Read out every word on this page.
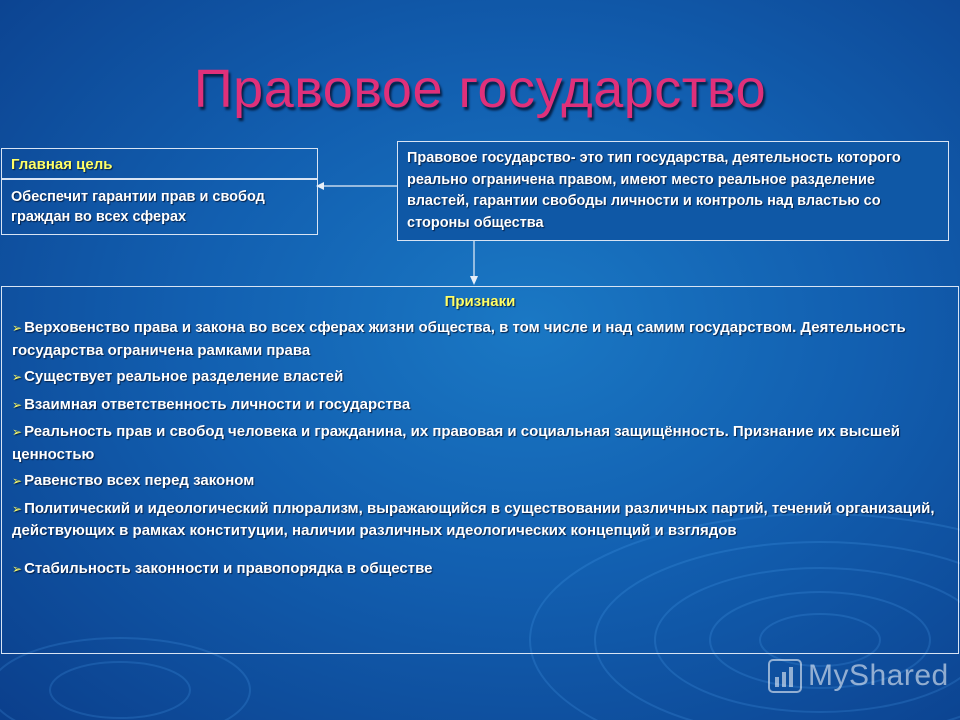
Правовое государство
Главная цель
Обеспечит гарантии прав и свобод граждан во всех сферах
Правовое государство- это тип государства, деятельность которого реально ограничена правом, имеют место реальное разделение властей, гарантии свободы личности и контроль над властью со стороны общества
Признаки
➢ Верховенство права и закона во всех сферах жизни общества, в том числе и над самим государством. Деятельность государства ограничена рамками права
➢ Существует реальное разделение властей
➢ Взаимная ответственность личности и государства
➢ Реальность прав и свобод человека и гражданина, их правовая и социальная защищённость. Признание их высшей ценностью
➢ Равенство всех перед законом
➢ Политический и идеологический плюрализм, выражающийся в существовании различных партий, течений организаций, действующих в рамках конституции, наличии различных идеологических концепций и взглядов
➢ Стабильность законности и правопорядка в обществе
MyShared
